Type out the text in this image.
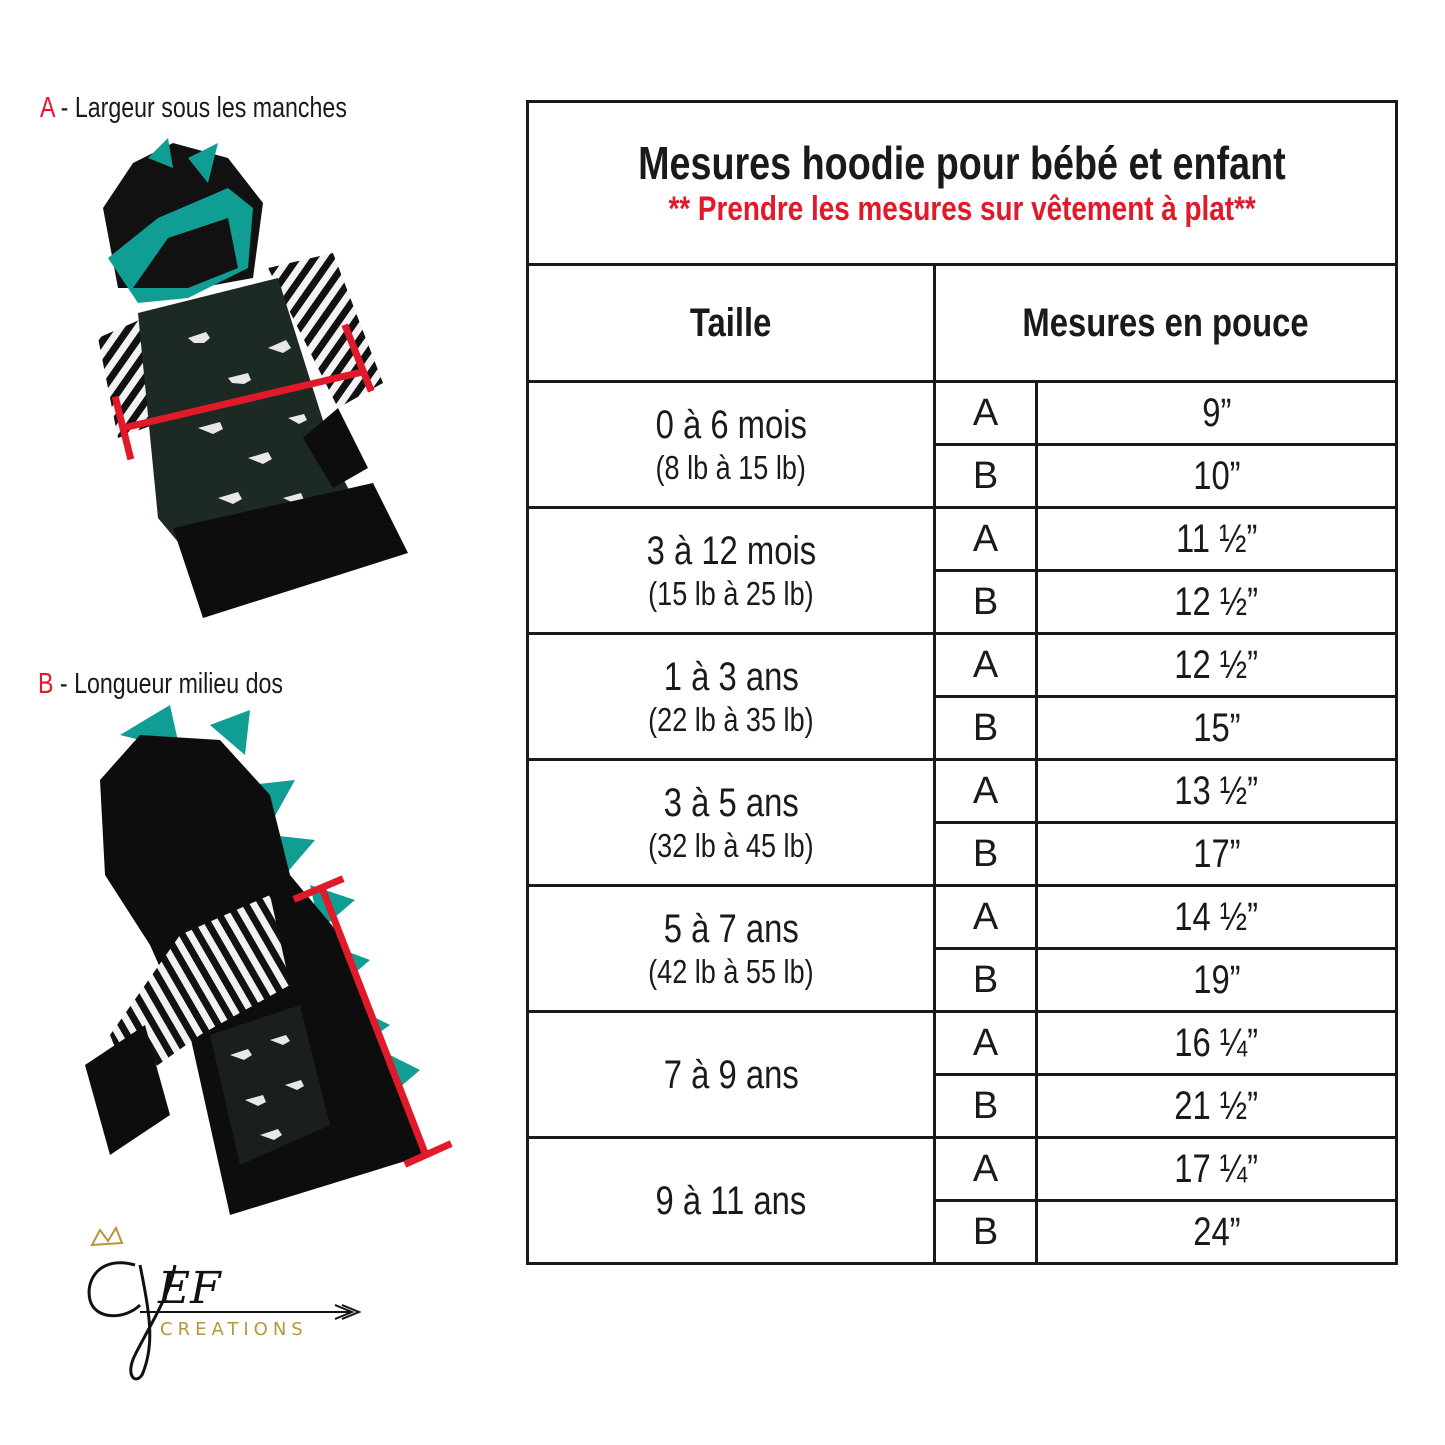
A - Largeur sous les manches
B - Longueur milieu dos
EF
CREATIONS
Mesures hoodie pour bébé et enfant
** Prendre les mesures sur vêtement à plat**		

Taille	Mesures en pouce	

0 à 6 mois
(8 lb à 15 lb)	A	9”
	B	10”

3 à 12 mois
(15 lb à 25 lb)	A	11 ½”
	B	12 ½”

1 à 3 ans
(22 lb à 35 lb)	A	12 ½”
	B	15”

3 à 5 ans
(32 lb à 45 lb)	A	13 ½”
	B	17”

5 à 7 ans
(42 lb à 55 lb)	A	14 ½”
	B	19”

7 à 9 ans	A	16 ¼”
	B	21 ½”

9 à 11 ans	A	17 ¼”
	B	24”
